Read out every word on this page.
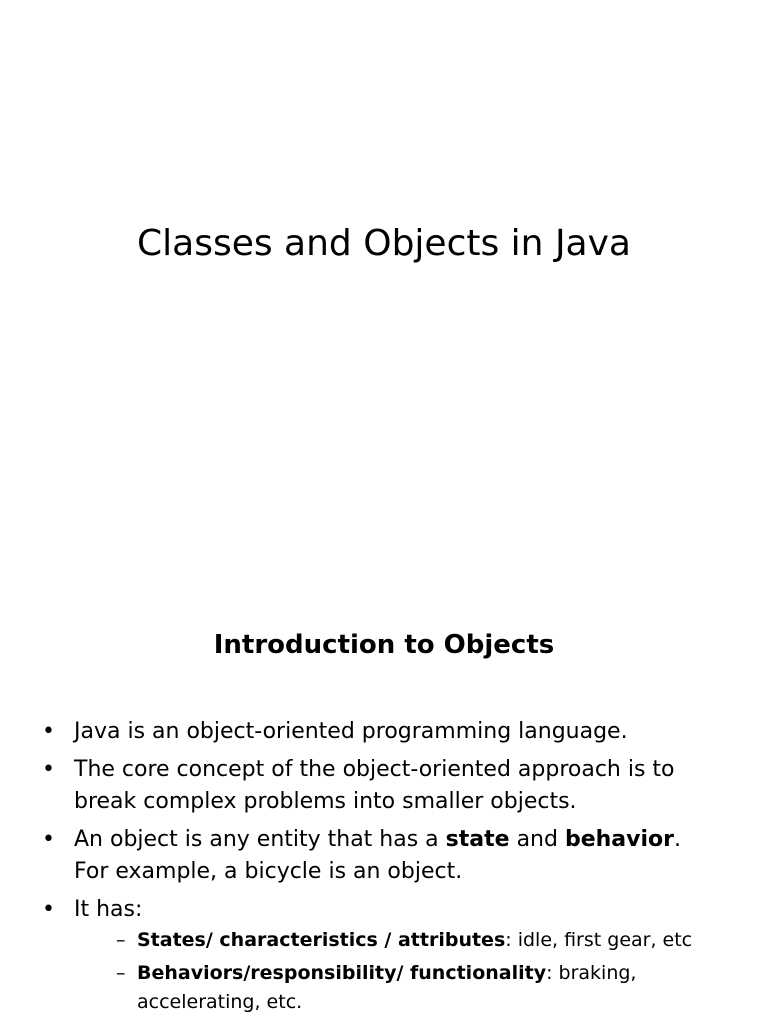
Classes and Objects in Java
Introduction to Objects
• Java is an object-oriented programming language.
• The core concept of the object-oriented approach is to break complex problems into smaller objects.
• An object is any entity that has a state and behavior. For example, a bicycle is an object.
• It has:
– States/ characteristics / attributes: idle, first gear, etc
– Behaviors/responsibility/ functionality: braking, accelerating, etc.
